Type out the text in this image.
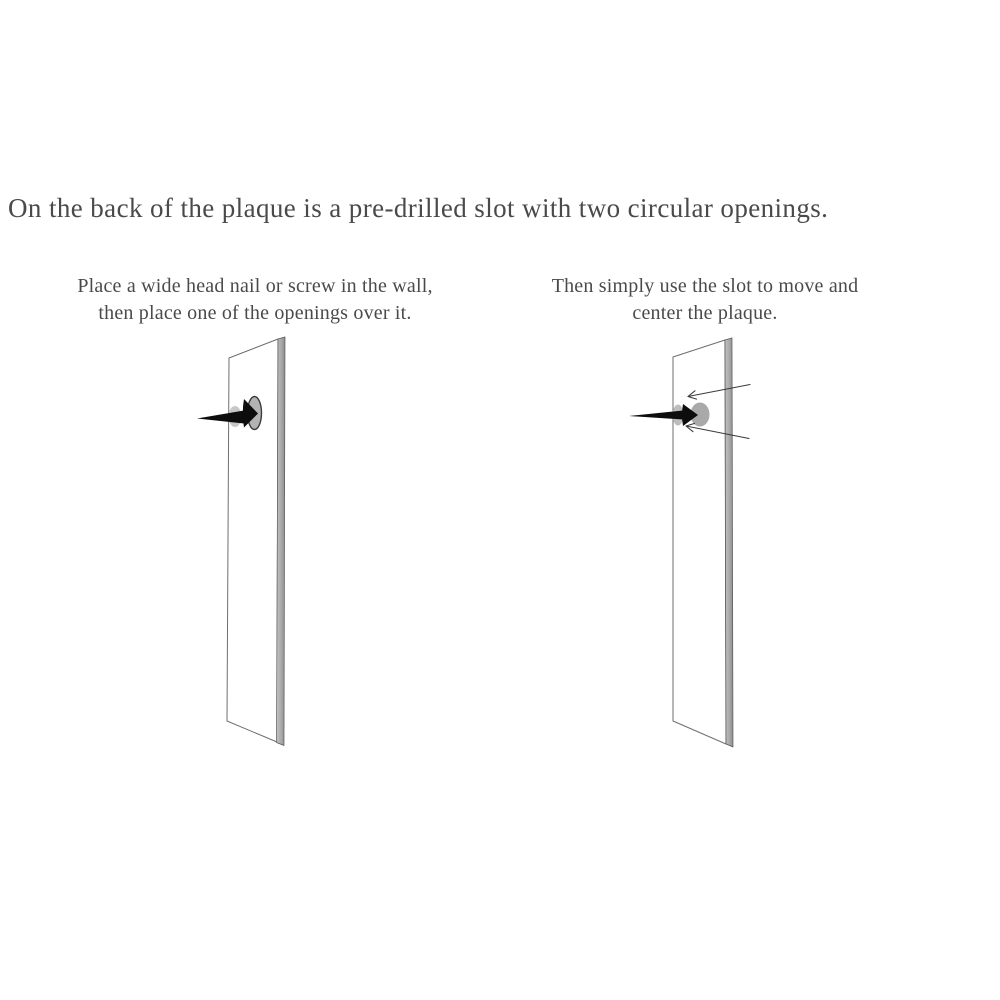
On the back of the plaque is a pre-drilled slot with two circular openings.
Place a wide head nail or screw in the wall,
then place one of the openings over it.
Then simply use the slot to move and
center the plaque.
